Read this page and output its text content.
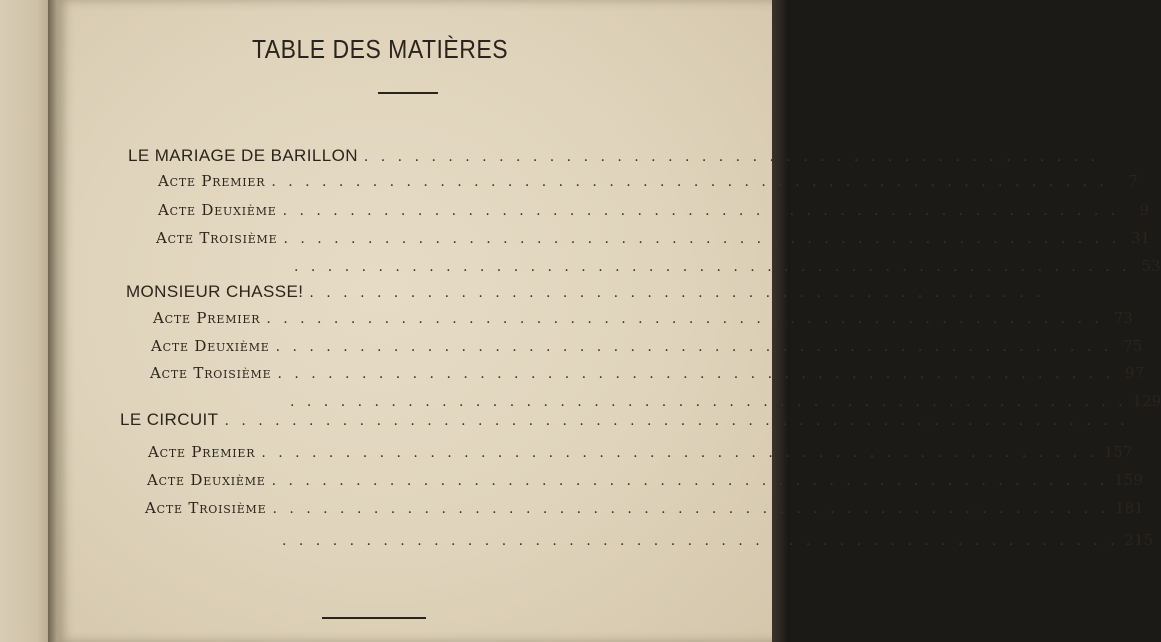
TABLE DES MATIÈRES
LE MARIAGE DE BARILLON . . . . . . . . . . . . . . . . . . . . . . . . . . . . . . . . . . . . . . . . . . . .
Acte Premier . . . . . . . . . . . . . . . . . . . . . . . . . . . . . . . . . . . . . . . . . . . . . . . . . .	7
Acte Deuxième . . . . . . . . . . . . . . . . . . . . . . . . . . . . . . . . . . . . . . . . . . . . . . . . . .	9
Acte Troisième . . . . . . . . . . . . . . . . . . . . . . . . . . . . . . . . . . . . . . . . . . . . . . . . . . 31
. . . . . . . . . . . . . . . . . . . . . . . . . . . . . . . . . . . . . . . . . . . . . . . . . . 53
MONSIEUR CHASSE! . . . . . . . . . . . . . . . . . . . . . . . . . . . . . . . . . . . . . . . . . . . .
Acte Premier . . . . . . . . . . . . . . . . . . . . . . . . . . . . . . . . . . . . . . . . . . . . . . . . . . 73
Acte Deuxième . . . . . . . . . . . . . . . . . . . . . . . . . . . . . . . . . . . . . . . . . . . . . . . . . . 75
Acte Troisième . . . . . . . . . . . . . . . . . . . . . . . . . . . . . . . . . . . . . . . . . . . . . . . . . . 97
. . . . . . . . . . . . . . . . . . . . . . . . . . . . . . . . . . . . . . . . . . . . . . . . . . 129
LE CIRCUIT . . . . . . . . . . . . . . . . . . . . . . . . . . . . . . . . . . . . . . . . . . . . . . . . . . . . . .
Acte Premier . . . . . . . . . . . . . . . . . . . . . . . . . . . . . . . . . . . . . . . . . . . . . . . . . . 157
Acte Deuxième . . . . . . . . . . . . . . . . . . . . . . . . . . . . . . . . . . . . . . . . . . . . . . . . . . 159
Acte Troisième . . . . . . . . . . . . . . . . . . . . . . . . . . . . . . . . . . . . . . . . . . . . . . . . . . 181
. . . . . . . . . . . . . . . . . . . . . . . . . . . . . . . . . . . . . . . . . . . . . . . . . . 215
